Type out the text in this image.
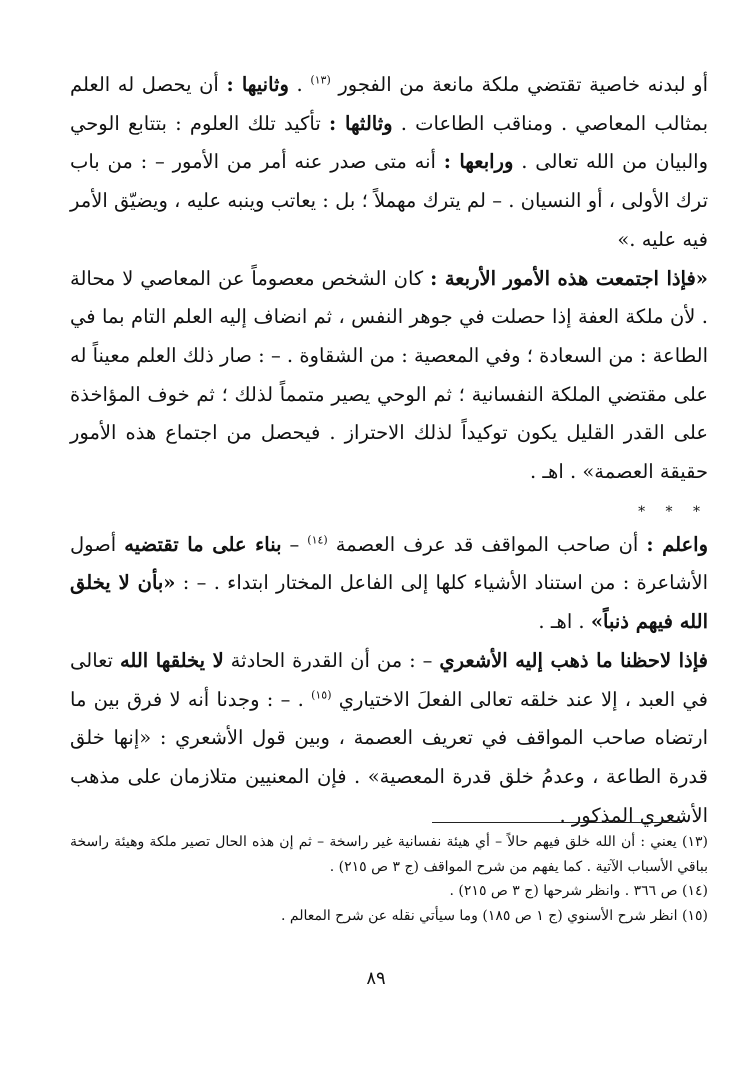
أو لبدنه خاصية تقتضي ملكة مانعة من الفجور $^{(١٣)}$ . وثانيها : أن يحصل له العلم بمثالب المعاصي . ومناقب الطاعات . وثالثها : تأكيد تلك العلوم : بتتابع الوحي والبيان من الله تعالى . ورابعها : أنه متى صدر عنه أمر من الأمور – : من باب ترك الأولى ، أو النسيان . – لم يترك مهملاً ؛ بل : يعاتب وينبه عليه ، ويضيّق الأمر فيه عليه .»

«فإذا اجتمعت هذه الأمور الأربعة : كان الشخص معصوماً عن المعاصي لا محالة . لأن ملكة العفة إذا حصلت في جوهر النفس ، ثم انضاف إليه العلم التام بما في الطاعة : من السعادة ؛ وفي المعصية : من الشقاوة . – : صار ذلك العلم معيناً له على مقتضي الملكة النفسانية ؛ ثم الوحي يصير متمماً لذلك ؛ ثم خوف المؤاخذة على القدر القليل يكون توكيداً لذلك الاحتراز . فيحصل من اجتماع هذه الأمور حقيقة العصمة» . اهـ .

* * *

واعلم : أن صاحب المواقف قد عرف العصمة $^{(١٤)}$ – بناء على ما تقتضيه أصول الأشاعرة : من استناد الأشياء كلها إلى الفاعل المختار ابتداء . – : «بأن لا يخلق الله فيهم ذنباً» . اهـ .

فإذا لاحظنا ما ذهب إليه الأشعري – : من أن القدرة الحادثة لا يخلقها الله تعالى في العبد ، إلا عند خلقه تعالى الفعلَ الاختياري $^{(١٥)}$ . – : وجدنا أنه لا فرق بين ما ارتضاه صاحب المواقف في تعريف العصمة ، وبين قول الأشعري : «إنها خلق قدرة الطاعة ، وعدمُ خلق قدرة المعصية» . فإن المعنيين متلازمان على مذهب الأشعري المذكور .

(١٣) يعني : أن الله خلق فيهم حالاً – أي هيئة نفسانية غير راسخة – ثم إن هذه الحال تصير ملكة وهيئة راسخة بباقي الأسباب الآتية . كما يفهم من شرح المواقف (ج ٣ ص ٢١٥) .

(١٤) ص ٣٦٦ . وانظر شرحها (ج ٣ ص ٢١٥) .

(١٥) انظر شرح الأسنوي (ج ١ ص ١٨٥) وما سيأتي نقله عن شرح المعالم .

٨٩
